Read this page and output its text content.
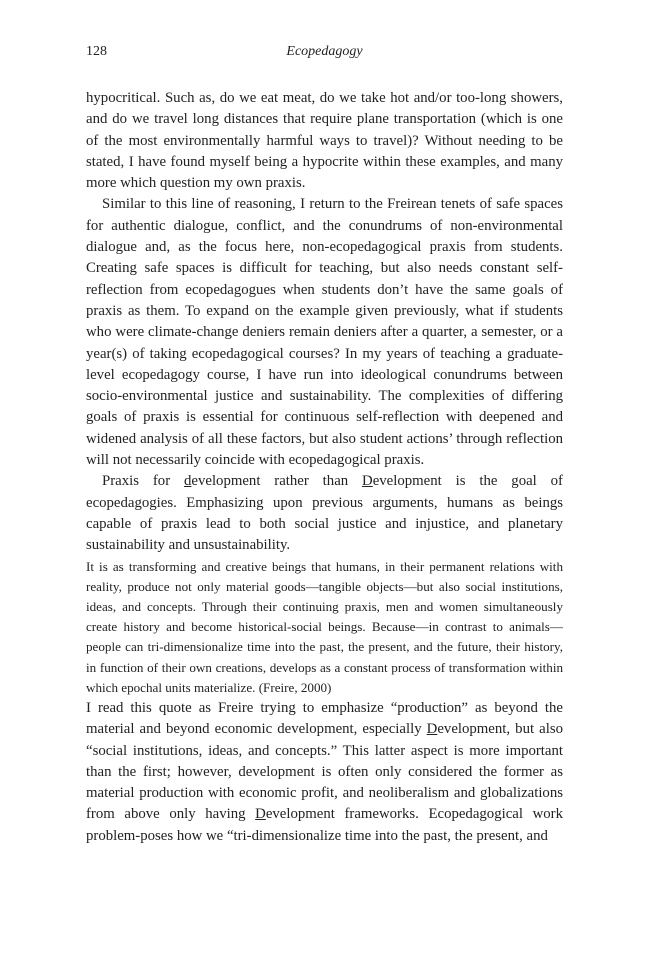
128	Ecopedagogy

hypocritical. Such as, do we eat meat, do we take hot and/or too-long showers, and do we travel long distances that require plane transportation (which is one of the most environmentally harmful ways to travel)? Without needing to be stated, I have found myself being a hypocrite within these examples, and many more which question my own praxis.

Similar to this line of reasoning, I return to the Freirean tenets of safe spaces for authentic dialogue, conflict, and the conundrums of non-environmental dialogue and, as the focus here, non-ecopedagogical praxis from students. Creating safe spaces is difficult for teaching, but also needs constant self-reflection from ecopedagogues when students don’t have the same goals of praxis as them. To expand on the example given previously, what if students who were climate-change deniers remain deniers after a quarter, a semester, or a year(s) of taking ecopedagogical courses? In my years of teaching a graduate-level ecopedagogy course, I have run into ideological conundrums between socio-environmental justice and sustainability. The complexities of differing goals of praxis is essential for continuous self-reflection with deepened and widened analysis of all these factors, but also student actions’ through reflection will not necessarily coincide with ecopedagogical praxis.

Praxis for development rather than Development is the goal of ecopedagogies. Emphasizing upon previous arguments, humans as beings capable of praxis lead to both social justice and injustice, and planetary sustainability and unsustainability.

It is as transforming and creative beings that humans, in their permanent relations with reality, produce not only material goods—tangible objects—but also social institutions, ideas, and concepts. Through their continuing praxis, men and women simultaneously create history and become historical-social beings. Because—in contrast to animals—people can tri-dimensionalize time into the past, the present, and the future, their history, in function of their own creations, develops as a constant process of transformation within which epochal units materialize. (Freire, 2000)

I read this quote as Freire trying to emphasize “production” as beyond the material and beyond economic development, especially Development, but also “social institutions, ideas, and concepts.” This latter aspect is more important than the first; however, development is often only considered the former as material production with economic profit, and neoliberalism and globalizations from above only having Development frameworks. Ecopedagogical work problem-poses how we “tri-dimensionalize time into the past, the present, and
